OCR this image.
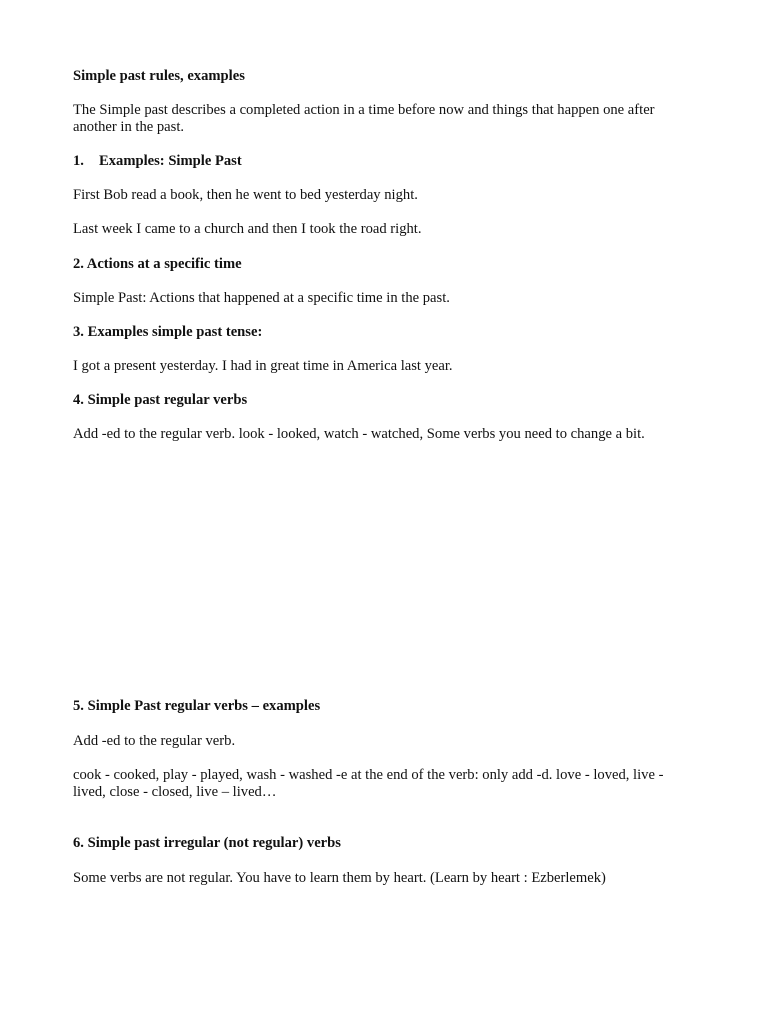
Simple past rules, examples

The Simple past describes a completed action in a time before now and things that happen one after another in the past.

1. Examples: Simple Past

First Bob read a book, then he went to bed yesterday night.

Last week I came to a church and then I took the road right.

2. Actions at a specific time

Simple Past: Actions that happened at a specific time in the past.

3. Examples simple past tense:

I got a present yesterday. I had in great time in America last year.

4. Simple past regular verbs

Add -ed to the regular verb. look - looked, watch - watched, Some verbs you need to change a bit.

5. Simple Past regular verbs – examples

Add -ed to the regular verb.

cook - cooked, play - played, wash - washed -e at the end of the verb: only add -d. love - loved, live - lived, close - closed, live – lived…

6. Simple past irregular (not regular) verbs

Some verbs are not regular. You have to learn them by heart. (Learn by heart : Ezberlemek)
